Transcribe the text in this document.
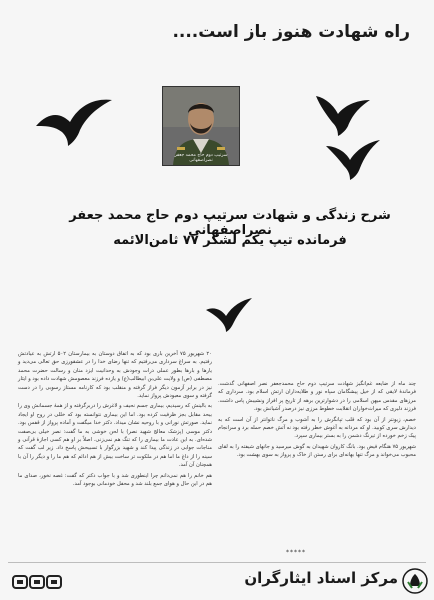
راه شهادت هنوز باز است....
سرتیپ دوم حاج محمد جعفر نصراصفهانی
شرح زندگی و شهادت سرتیپ دوم حاج محمد جعفر نصراصفهانی
فرمانده تیپ یکم لشکر ۷۷ ثامن‌الائمه

۲۰ شهریور ۷۵ آخرین باری بود که به اتفاق دوستان به بیمارستان ۵۰۲ ارتش به عیادتش رفتیم. به سراغ سرداری می‌رفتیم که تنها رضای خدا را در عشقورزی حق تعالی می‌دید و یارها و بارها بطور عملی ذرات وجودش به وحدانیت ایزد منان و رسالت حضرت محمد مصطفی (ص) و ولایت علی‌بن ابیطالب(ع) و یازده فرزند معصومش شهادت داده بود و ایثار نیز در برابر آزمون دیگر فراز گرفته و منقلب بود که کارنامه مستاز رسوبی را در دست گرفته و سوی معبودش پرواز نماید.

به بالینش که رسیدیم، بیماری جسم نحیف و لاغرش را دربرگرفته و از همهٔ جسمانش وی را بیحد مقابل بجز ظرفیت کرده بود. اما این بیماری نتوانسته بود که خللی در روح او ایجاد نماید. صورتش نورانی و با روحیه نشان میداد. دکتر خدا میگفت و آماده پرواز از قفس بود. دکتر موسی (پزشک معالج شهید نصر) با لحن خوشی به ما گفت: نصر خیلی بی‌صفت شده‌ای. به این عادت ما بیماری را که تنگ هم نمی‌زنی. اصلاً بر او هم کسی اجازهٔ قرآنی و مناجات جوابی در زندگی پیدا کند و شهید بزرگوار با تسبیحش پاسخ داد. زیر لب گفت که سینه را از داغ ما اما هم در ملکوت تر ساخت بیش از هم ادائم که هم ما را و دیگر را آن با همچنان آن آمد.

هم خانم را هم نمی‌دانم چرا اینطوری شد و با جواب دکتر که گفت: غصه نخور، صدای ما هم در این حال و هوای جمع بلند شد و محفل خودمانی بوجود آمد.

چند ماه از ضایعه غم‌انگیز شهادت سرتیپ دوم حاج محمدجعفر نصر اصفهانی گذشت. فرماندهٔ لایقی که از خیل پیشگامان سپاه نور و طلایه‌داران ارتش اسلام بود. سرداری که مرزهای مقدس میهن اسلامی را در دشوارترین برهه از تاریخ پر افراز ونشیبش پاس داشت. فرزند دلیری که میراث‌خواران انقلابت خطوط مرزی نیز درصدر آشیانش بود.

خصم، زیونتر از آن بود که قلب تپانگرش را به آشوب و مرگ ناتوانتر از آن است که به دیدارش سری کوبید. او که مردانه به آغوش خطر رفته بود نه آتش خصم حمله برد و سرانجام پیک زخم خورده از تیرنگ دشمن را به بستر بیماری سپرد.

شهریور ۷۵ هنگام فیض بود. بانگ کاروان شهیدان به گوش میرسید و جانهای شیفته را به لقای محبوب می‌خواند و مرگ تنها بهانه‌ای برای رستن از خاک و پرواز به سوی بهشت بود.

*****
مرکز اسناد ایثارگران
